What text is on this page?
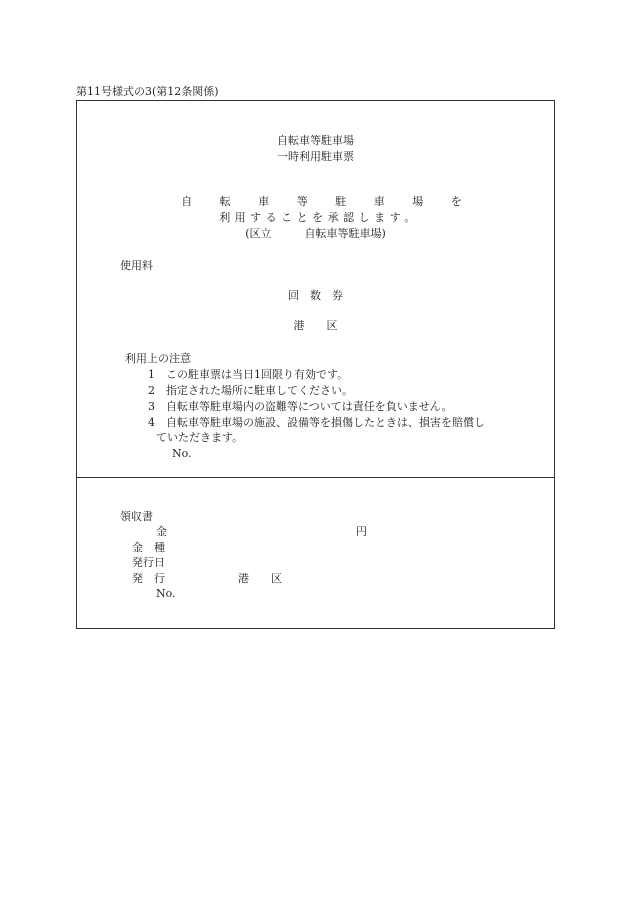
第11号様式の3(第12条関係)
自転車等駐車場
一時利用駐車票
自 転 車 等 駐 車 場 を
利用することを承認します。
(区立　　　自転車等駐車場)
使用料
回　数　券
港　　区
利用上の注意
1　この駐車票は当日1回限り有効です。
2　指定された場所に駐車してください。
3　自転車等駐車場内の盗難等については責任を負いません。
4　自転車等駐車場の施設、設備等を損傷したときは、損害を賠償し
ていただきます。
No.
領収書
金	円
金　種
発行日
発　行	港　　区
No.
